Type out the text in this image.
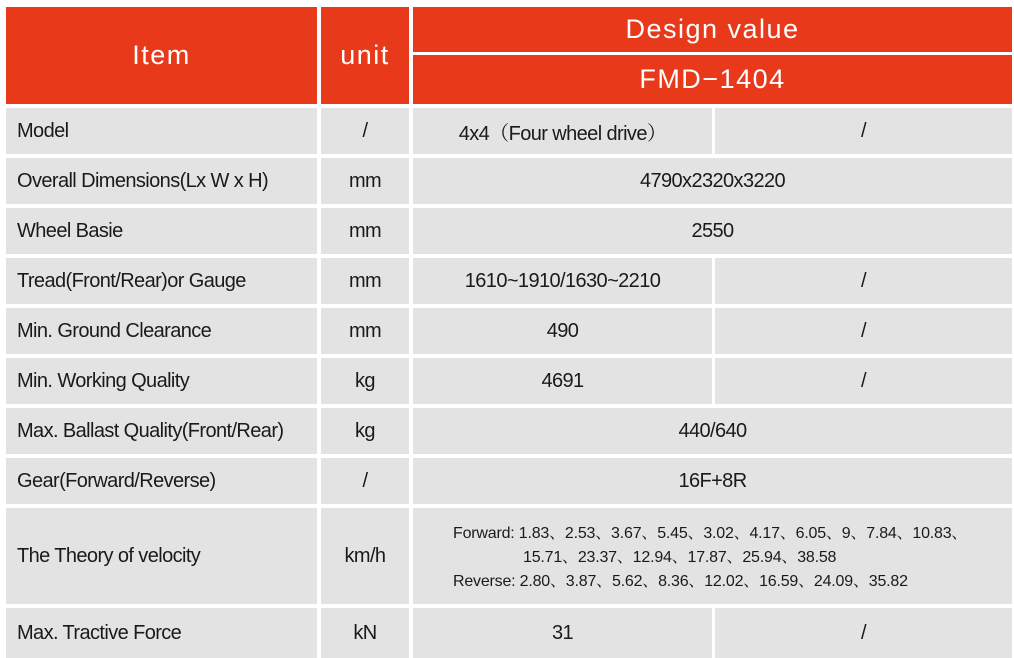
Item	unit
Design value
FMD−1404
Model	/	4x4（Four wheel drive）	/
Overall Dimensions(Lx W x H)	mm	4790x2320x3220
Wheel Basie	mm	2550
Tread(Front/Rear)or Gauge	mm	1610~1910/1630~2210	/
Min. Ground Clearance	mm	490	/
Min. Working Quality	kg	4691	/
Max. Ballast Quality(Front/Rear)	kg	440/640
Gear(Forward/Reverse)	/	16F+8R
The Theory of velocity	km/h
Forward: 1.83、2.53、3.67、5.45、3.02、4.17、6.05、9、7.84、10.83、
15.71、23.37、12.94、17.87、25.94、38.58
Reverse: 2.80、3.87、5.62、8.36、12.02、16.59、24.09、35.82
Max. Tractive Force	kN	31	/
